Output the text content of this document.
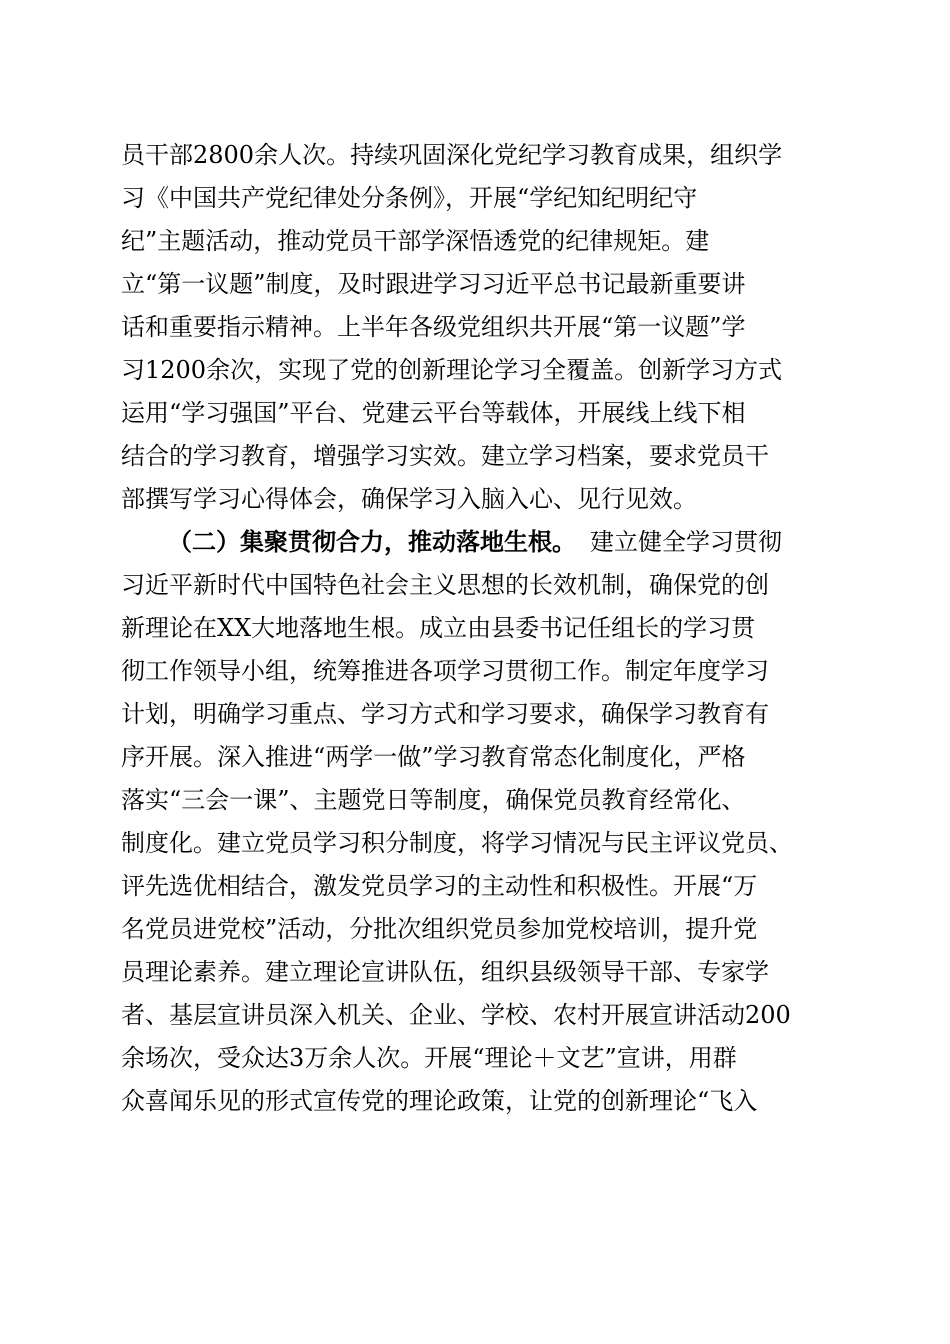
员干部2800余人次。持续巩固深化党纪学习教育成果，组织学
习《中国共产党纪律处分条例》，开展“学纪知纪明纪守
纪”主题活动，推动党员干部学深悟透党的纪律规矩。建
立“第一议题”制度，及时跟进学习习近平总书记最新重要讲
话和重要指示精神。上半年各级党组织共开展“第一议题”学
习1200余次，实现了党的创新理论学习全覆盖。创新学习方式
运用“学习强国”平台、党建云平台等载体，开展线上线下相
结合的学习教育，增强学习实效。建立学习档案，要求党员干
部撰写学习心得体会，确保学习入脑入心、见行见效。
（二）集聚贯彻合力，推动落地生根。 建立健全学习贯彻
习近平新时代中国特色社会主义思想的长效机制，确保党的创
新理论在XX大地落地生根。成立由县委书记任组长的学习贯
彻工作领导小组，统筹推进各项学习贯彻工作。制定年度学习
计划，明确学习重点、学习方式和学习要求，确保学习教育有
序开展。深入推进“两学一做”学习教育常态化制度化，严格
落实“三会一课”、主题党日等制度，确保党员教育经常化、
制度化。建立党员学习积分制度，将学习情况与民主评议党员、
评先选优相结合，激发党员学习的主动性和积极性。开展“万
名党员进党校”活动，分批次组织党员参加党校培训，提升党
员理论素养。建立理论宣讲队伍，组织县级领导干部、专家学
者、基层宣讲员深入机关、企业、学校、农村开展宣讲活动200
余场次，受众达3万余人次。开展“理论＋文艺”宣讲，用群
众喜闻乐见的形式宣传党的理论政策，让党的创新理论“飞入
